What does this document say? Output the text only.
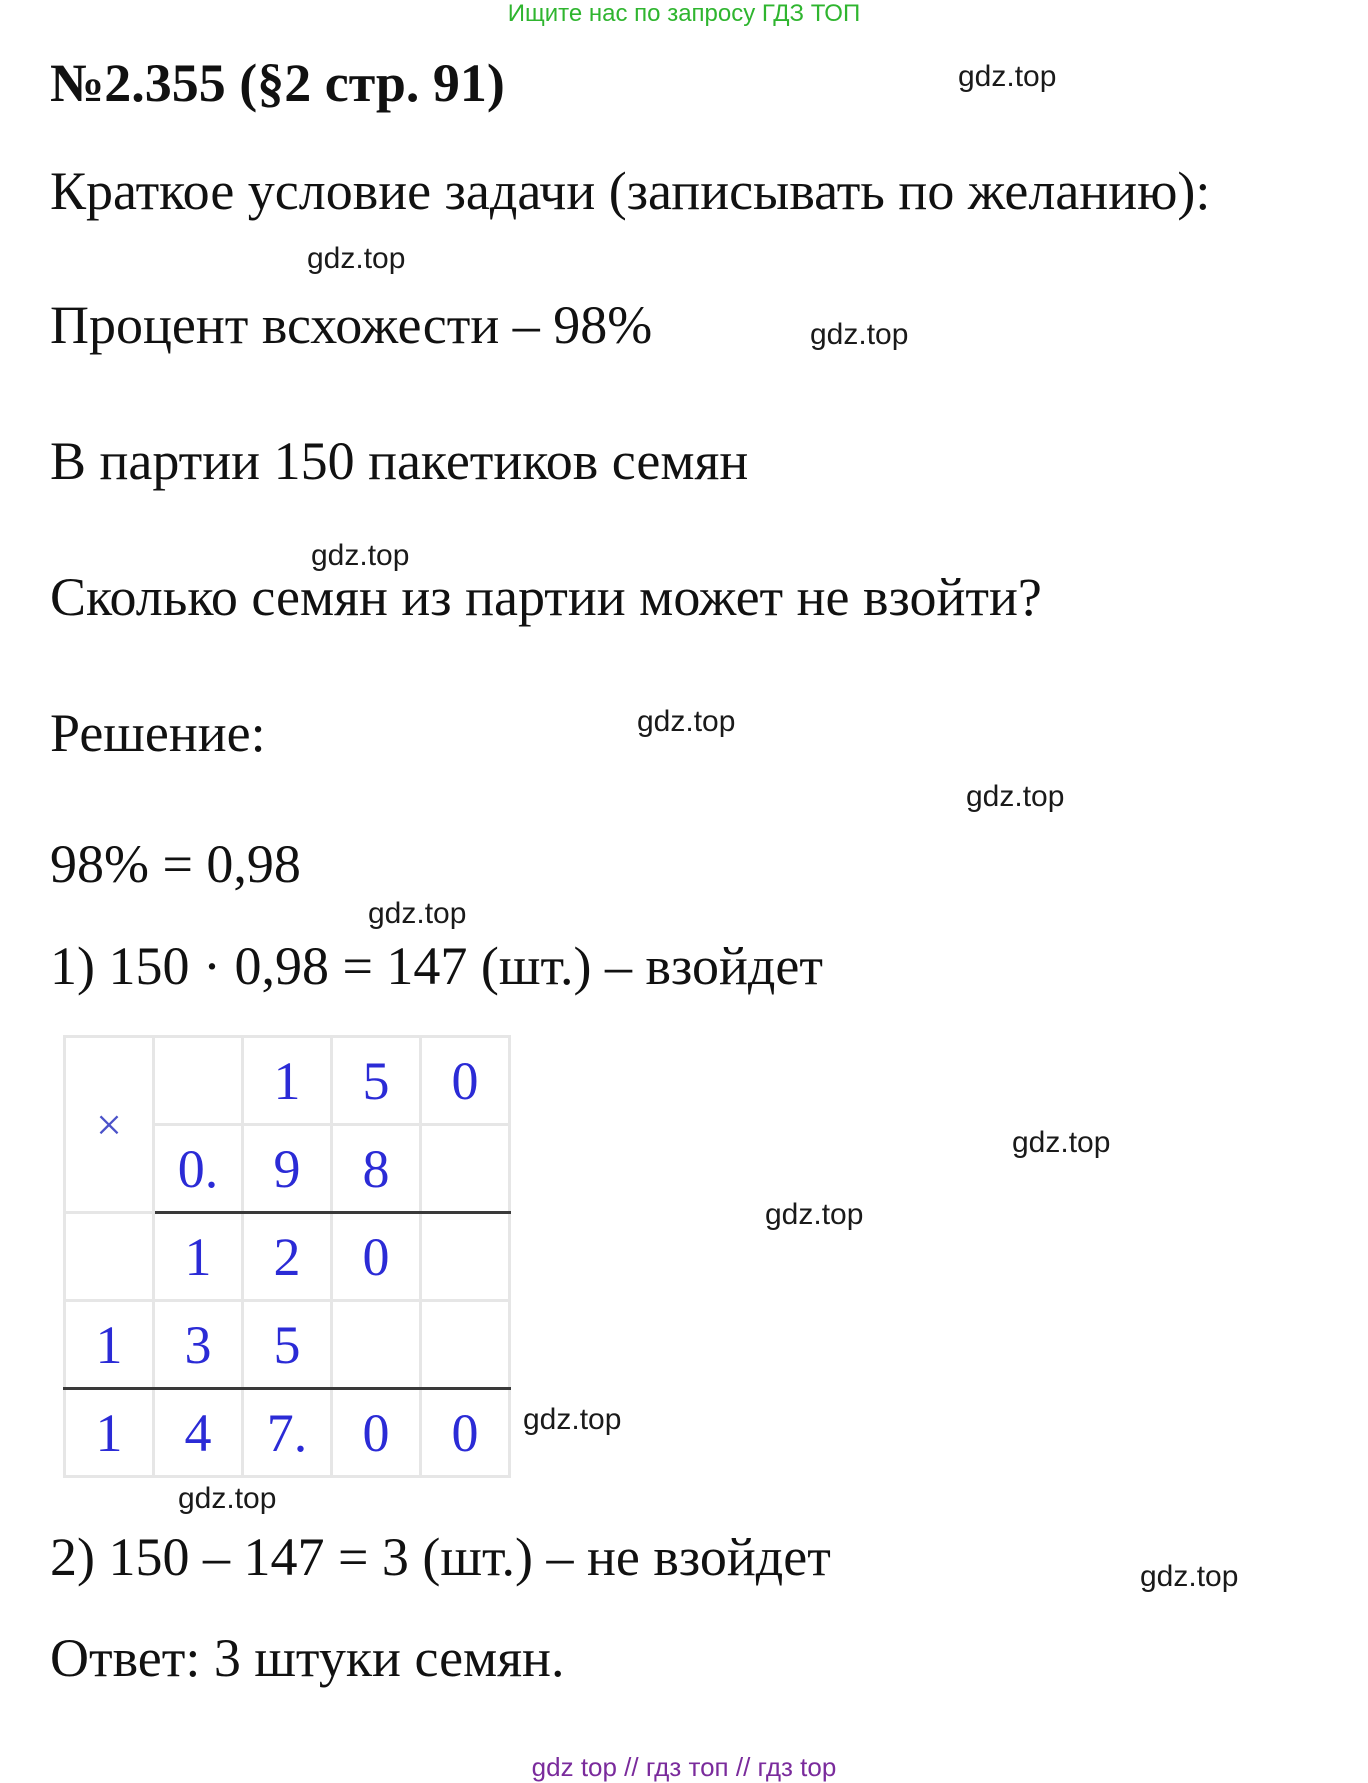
Ищите нас по запросу ГДЗ ТОП
№2.355 (§2 стр. 91)
Краткое условие задачи (записывать по желанию):
Процент всхожести – 98%
В партии 150 пакетиков семян
Сколько семян из партии может не взойти?
Решение:
98% = 0,98
1) 150 · 0,98 = 147 (шт.) – взойдет
×		1	5	0
	0.	9	8	
	1	2	0	
1	3	5		
1	4	7.	0	0
2) 150 – 147 = 3 (шт.) – не взойдет
Ответ: 3 штуки семян.
gdz.top
gdz.top
gdz.top
gdz.top
gdz.top
gdz.top
gdz.top
gdz.top
gdz.top
gdz.top
gdz.top
gdz.top
gdz top // гдз топ // гдз top
